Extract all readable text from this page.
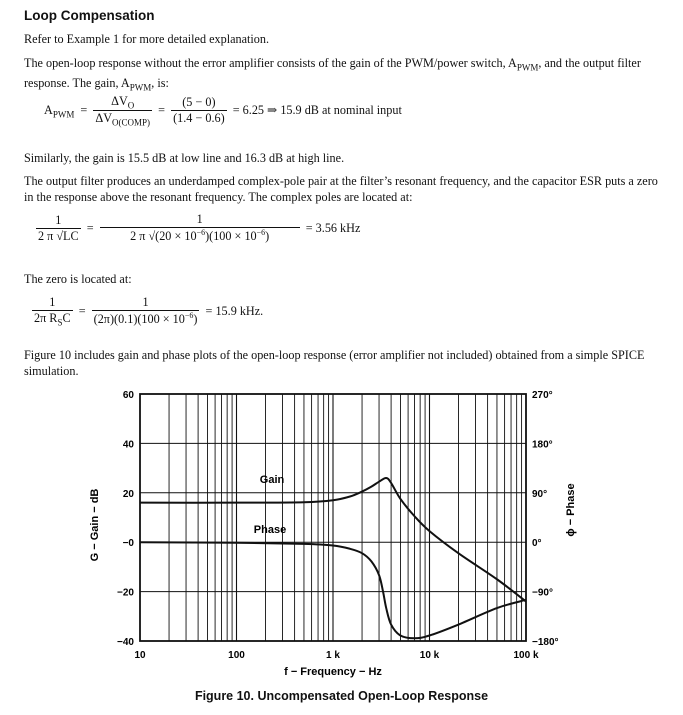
Loop Compensation
Refer to Example 1 for more detailed explanation.
The open-loop response without the error amplifier consists of the gain of the PWM/power switch, $A_{PWM}$, and the output filter response. The gain, $A_{PWM}$, is:
$A_{PWM} = \frac{\Delta V_O}{\Delta V_{O(COMP)}} = \frac{(5 - 0)}{(1.4 - 0.6)} = 6.25$ ⇒ 15.9 dB at nominal input
Similarly, the gain is 15.5 dB at low line and 16.3 dB at high line.
The output filter produces an underdamped complex-pole pair at the filter’s resonant frequency, and the capacitor ESR puts a zero in the response above the resonant frequency. The complex poles are located at:
$\frac{1}{2 \pi √LC} = \frac{1}{2 \pi √(20 \times 10^{-6})(100 \times 10^{-6})} = 3.56$ kHz
The zero is located at:
$\frac{1}{2\pi R_SC} = \frac{1}{(2\pi)(0.1)(100 \times 10^{-6})} = 15.9$ kHz.
Figure 10 includes gain and phase plots of the open-loop response (error amplifier not included) obtained from a simple SPICE simulation.
60
40
20
−0
−20
−40
270°
180°
90°
0°
−90°
−180°
10	100	1 k	10 k	100 k
G − Gain − dB	ϕ − Phase
f − Frequency − Hz
Gain
Phase
Figure 10. Uncompensated Open-Loop Response
